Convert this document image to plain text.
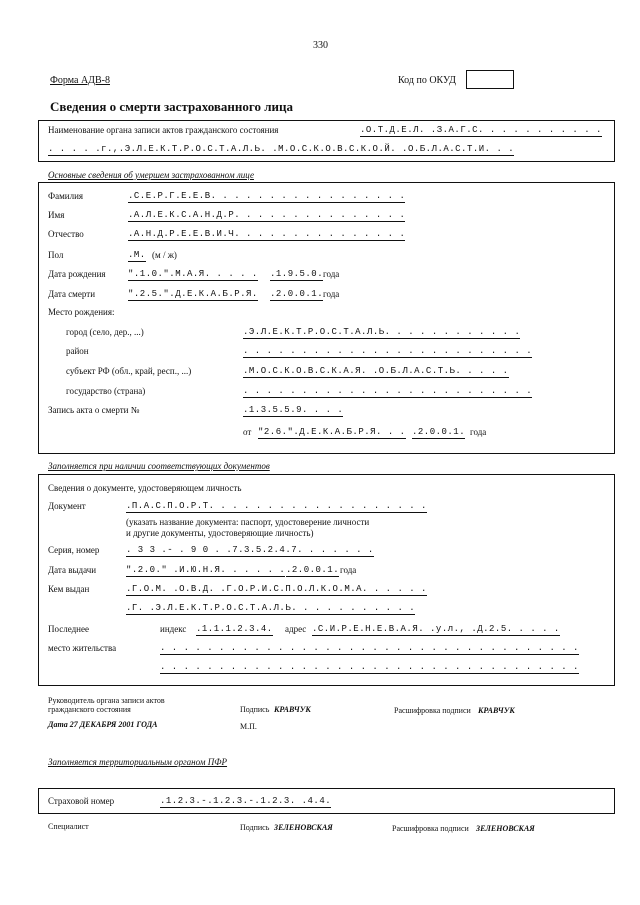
330
Форма АДВ-8	Код по ОКУД
Сведения о смерти застрахованного лица
Наименование органа записи актов гражданского состояния	.О.Т.Д.Е.Л. .З.А.Г.С. . . . . . . . . . .
. . . . .г.,.Э.Л.Е.К.Т.Р.О.С.Т.А.Л.Ь. .М.О.С.К.О.В.С.К.О.Й. .О.Б.Л.А.С.Т.И. . .
Основные сведения об умершем застрахованном лице
Фамилия	.С.Е.Р.Г.Е.Е.В. . . . . . . . . . . . . . . . .
Имя	.А.Л.Е.К.С.А.Н.Д.Р. . . . . . . . . . . . . . .
Отчество	.А.Н.Д.Р.Е.Е.В.И.Ч. . . . . . . . . . . . . . .
Пол	.М. (м / ж)
Дата рождения ".1.0.".М.А.Я. . . . . .1.9.5.0. года
Дата смерти	".2.5.".Д.Е.К.А.Б.Р.Я. .2.0.0.1. года
Место рождения:
город (село, дер., ...)	.Э.Л.Е.К.Т.Р.О.С.Т.А.Л.Ь. . . . . . . . . . . .
район	. . . . . . . . . . . . . . . . . . . . . . . . .
субъект РФ (обл., край, респ., ...)	.М.О.С.К.О.В.С.К.А.Я. .О.Б.Л.А.С.Т.Ь. . . . .
государство (страна)	. . . . . . . . . . . . . . . . . . . . . . . . .
Запись акта о смерти №	.1.3.5.5.9. . . .
от "2.6.".Д.Е.К.А.Б.Р.Я. . . .2.0.0.1. года
Заполняется при наличии соответствующих документов
Сведения о документе, удостоверяющем личность
Документ	.П.А.С.П.О.Р.Т. . . . . . . . . . . . . . . . . . .
(указать название документа: паспорт, удостоверение личности
и другие документы, удостоверяющие личность)
Серия, номер	. 3 3 .- . 9 0 . .7.3.5.2.4.7. . . . . . .
Дата выдачи	".2.0." .И.Ю.Н.Я. . . . . . .2.0.0.1. года
Кем выдан	.Г.О.М. .О.В.Д. .Г.О.Р.И.С.П.О.Л.К.О.М.А. . . . . .
.Г. .Э.Л.Е.К.Т.Р.О.С.Т.А.Л.Ь. . . . . . . . . . .
Последнее
место жительства
индекс .1.1.1.2.3.4. адрес .С.И.Р.Е.Н.Е.В.А.Я. .у.л., .Д.2.5. . . . .
. . . . . . . . . . . . . . . . . . . . . . . . . . . . . . . . . . . .
. . . . . . . . . . . . . . . . . . . . . . . . . . . . . . . . . . . .
Руководитель органа записи актов
гражданского состояния	Подпись КРАВЧУК	Расшифровка подписи КРАВЧУК
Дата 27 ДЕКАБРЯ 2001 ГОДА	М.П.
Заполняется территориальным органом ПФР
Страховой номер	.1.2.3.-.1.2.3.-.1.2.3. .4.4.
Специалист	Подпись ЗЕЛЕНОВСКАЯ	Расшифровка подписи ЗЕЛЕНОВСКАЯ
